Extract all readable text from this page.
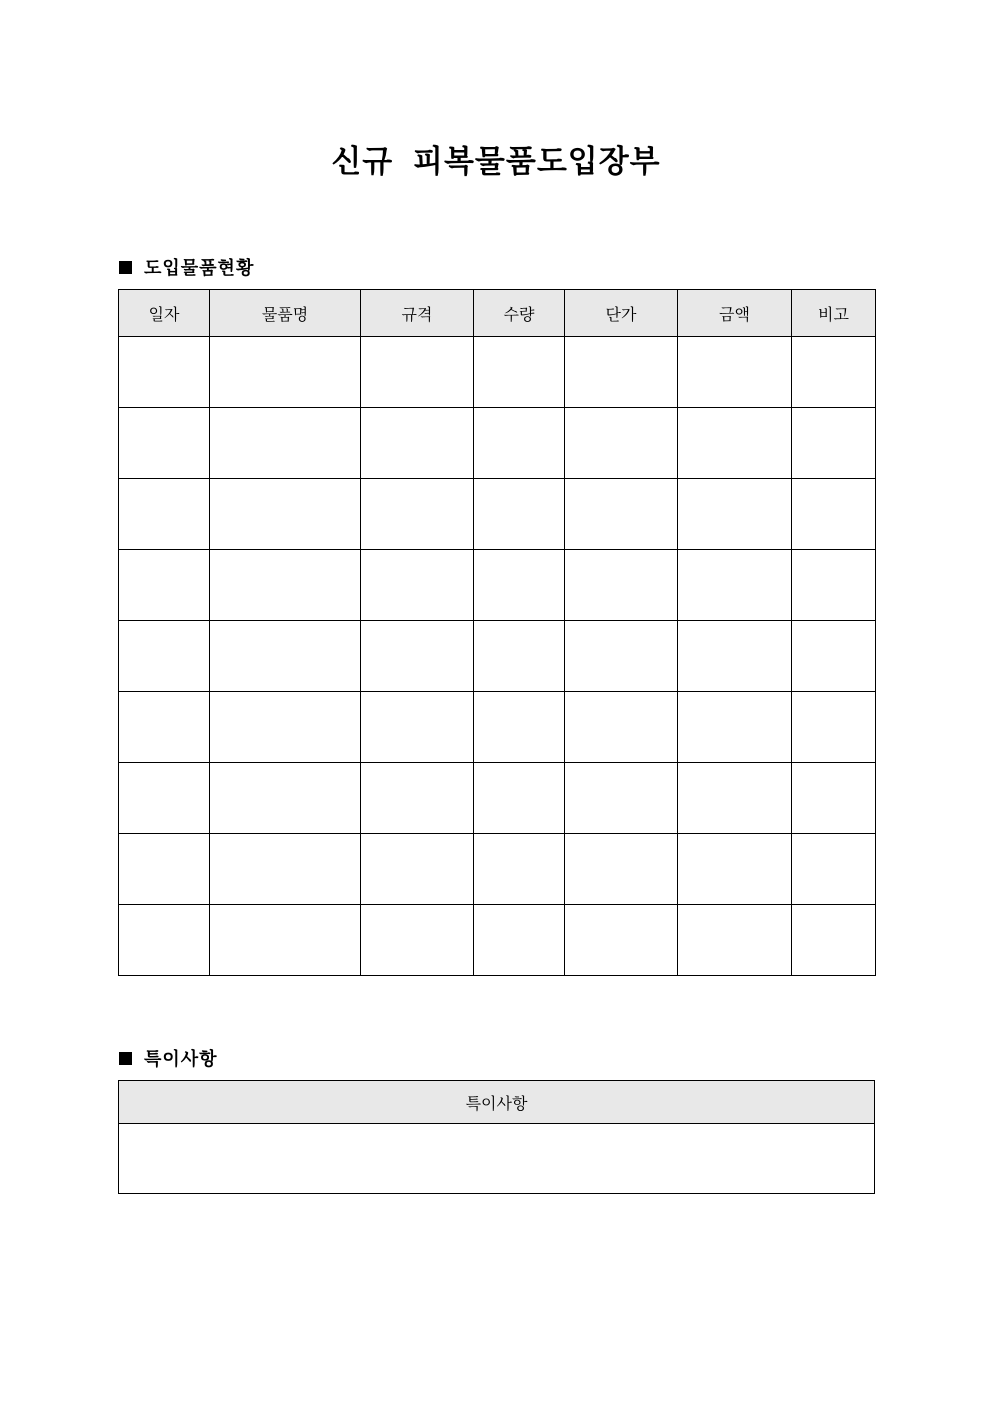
신규 피복물품도입장부
도입물품현황
일자	물품명	규격	수량	단가	금액	비고

특이사항
특이사항
